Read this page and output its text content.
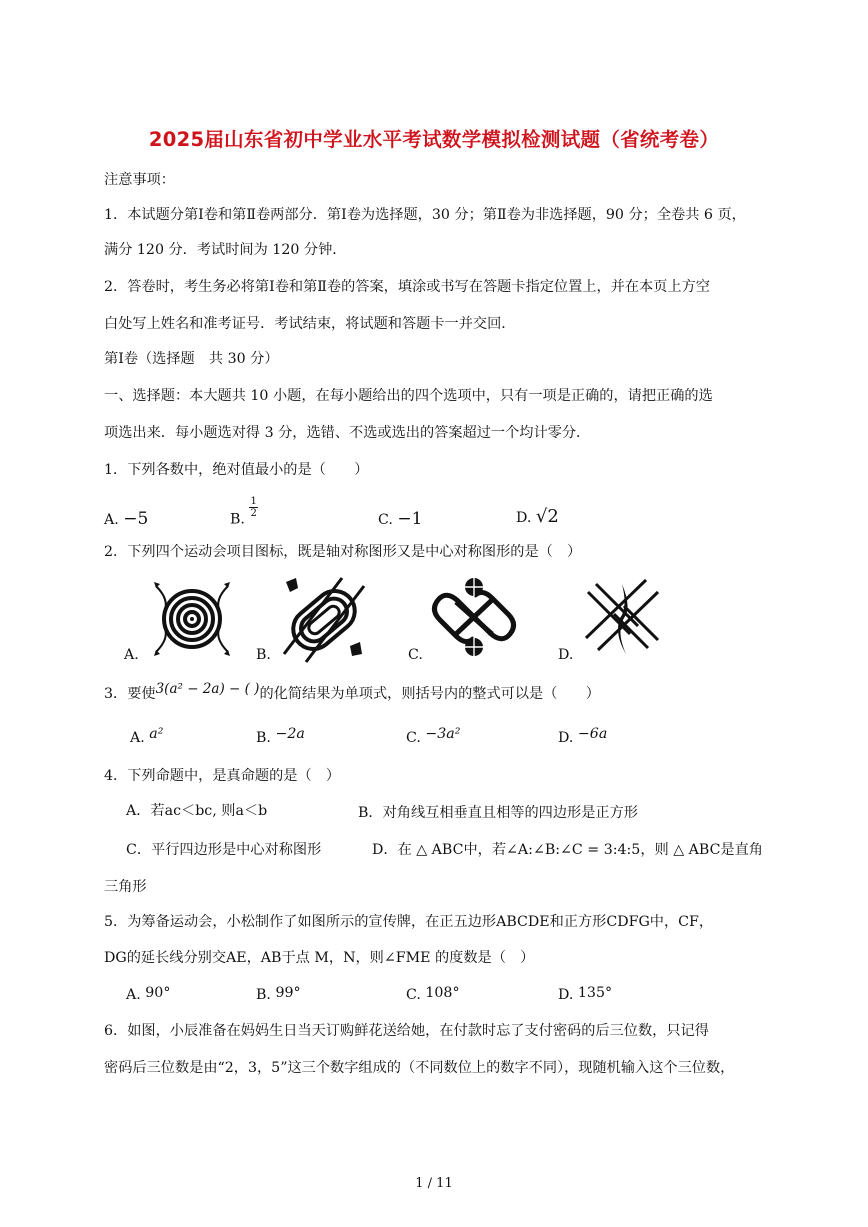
2025届山东省初中学业水平考试数学模拟检测试题（省统考卷）
注意事项：
1．本试题分第Ⅰ卷和第Ⅱ卷两部分．第Ⅰ卷为选择题，30 分；第Ⅱ卷为非选择题，90 分；全卷共 6 页，
满分 120 分．考试时间为 120 分钟．
2．答卷时，考生务必将第Ⅰ卷和第Ⅱ卷的答案，填涂或书写在答题卡指定位置上，并在本页上方空
白处写上姓名和准考证号．考试结束，将试题和答题卡一并交回．
第Ⅰ卷（选择题　共 30 分）
一、选择题：本大题共 10 小题，在每小题给出的四个选项中，只有一项是正确的，请把正确的选
项选出来．每小题选对得 3 分，选错、不选或选出的答案超过一个均计零分．
1．下列各数中，绝对值最小的是（　　）
A. −5	B.
$\frac{1}{2}$
C. −1	D. √2
2．下列四个运动会项目图标，既是轴对称图形又是中心对称图形的是（　）
A.	B.	C.	D.
3．要使3(a² − 2a) − ( )的化简结果为单项式，则括号内的整式可以是（　　）
A. a²	B. −2a	C. −3a²	D. −6a
4．下列命题中，是真命题的是（　）
A．若ac＜bc, 则a＜b	B．对角线互相垂直且相等的四边形是正方形
C．平行四边形是中心对称图形	D．在 △ ABC中，若∠A:∠B:∠C = 3:4:5，则 △ ABC是直角
三角形
5．为筹备运动会，小松制作了如图所示的宣传牌，在正五边形ABCDE和正方形CDFG中，CF，
DG的延长线分别交AE，AB于点 M，N，则∠FME 的度数是（　）
A. 90°	B. 99°	C. 108°	D. 135°
6．如图，小辰准备在妈妈生日当天订购鲜花送给她，在付款时忘了支付密码的后三位数，只记得
密码后三位数是由“2，3，5”这三个数字组成的（不同数位上的数字不同），现随机输入这个三位数，
1 / 11
